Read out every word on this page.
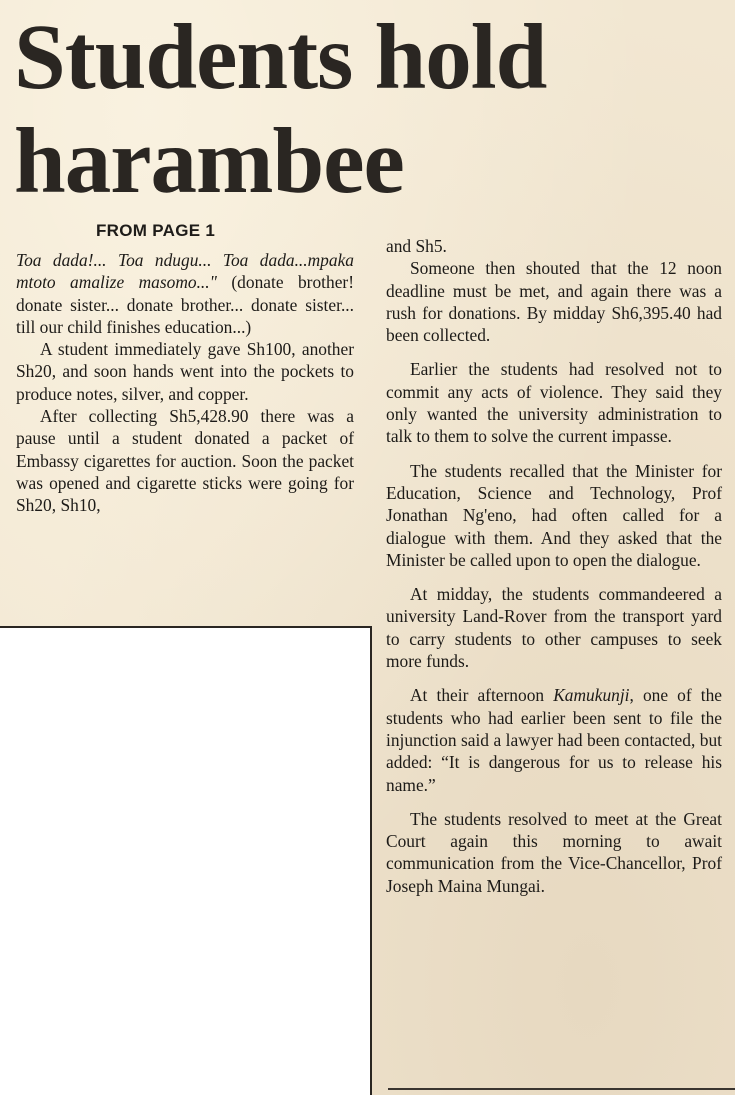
Students hold
harambee
FROM PAGE 1

Toa dada!... Toa ndugu... Toa dada...mpaka mtoto amalize masomo..." (donate brother! donate sister... donate brother... donate sister... till our child finishes education...)

A student immediately gave Sh100, another Sh20, and soon hands went into the pockets to produce notes, silver, and copper.

After collecting Sh5,428.90 there was a pause until a student donated a packet of Embassy cigarettes for auction. Soon the packet was opened and cigarette sticks were going for Sh20, Sh10,

and Sh5.

Someone then shouted that the 12 noon deadline must be met, and again there was a rush for donations. By midday Sh6,395.40 had been collected.

Earlier the students had resolved not to commit any acts of violence. They said they only wanted the university administration to talk to them to solve the current impasse.

The students recalled that the Minister for Education, Science and Technology, Prof Jonathan Ng'eno, had often called for a dialogue with them. And they asked that the Minister be called upon to open the dialogue.

At midday, the students commandeered a university Land-Rover from the transport yard to carry students to other campuses to seek more funds.

At their afternoon Kamukunji, one of the students who had earlier been sent to file the injunction said a lawyer had been contacted, but added: “It is dangerous for us to release his name.”

The students resolved to meet at the Great Court again this morning to await communication from the Vice-Chancellor, Prof Joseph Maina Mungai.
